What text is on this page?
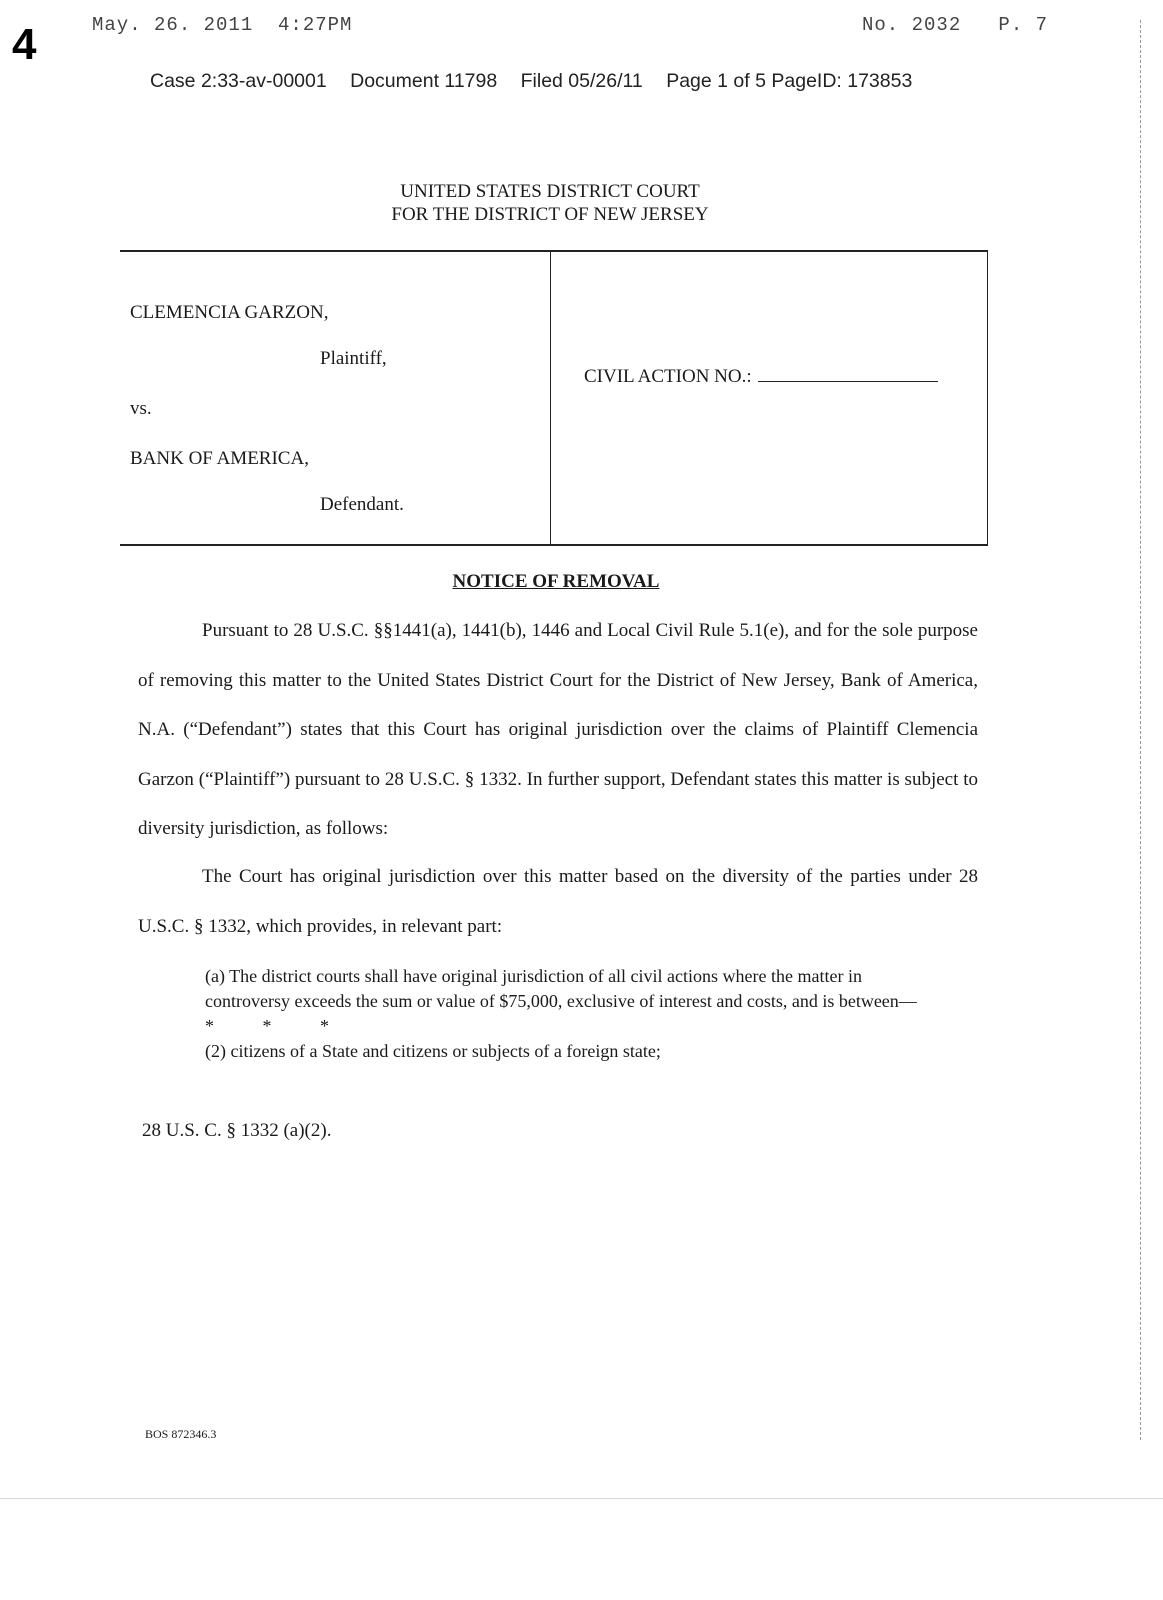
4	May. 26. 2011  4:27PM	No. 2032   P. 7
Case 2:33-av-00001 Document 11798 Filed 05/26/11 Page 1 of 5 PageID: 173853
UNITED STATES DISTRICT COURT
FOR THE DISTRICT OF NEW JERSEY
CLEMENCIA GARZON,
Plaintiff,
vs.
BANK OF AMERICA,
Defendant.
CIVIL ACTION NO.:
NOTICE OF REMOVAL
Pursuant to 28 U.S.C. §§1441(a), 1441(b), 1446 and Local Civil Rule 5.1(e), and for the sole purpose of removing this matter to the United States District Court for the District of New Jersey, Bank of America, N.A. (“Defendant”) states that this Court has original jurisdiction over the claims of Plaintiff Clemencia Garzon (“Plaintiff”) pursuant to 28 U.S.C. § 1332. In further support, Defendant states this matter is subject to diversity jurisdiction, as follows:
The Court has original jurisdiction over this matter based on the diversity of the parties under 28 U.S.C. § 1332, which provides, in relevant part:
(a) The district courts shall have original jurisdiction of all civil actions where the matter in controversy exceeds the sum or value of $75,000, exclusive of interest and costs, and is between—
* * *
(2) citizens of a State and citizens or subjects of a foreign state;
28 U.S. C. § 1332 (a)(2).
BOS 872346.3
